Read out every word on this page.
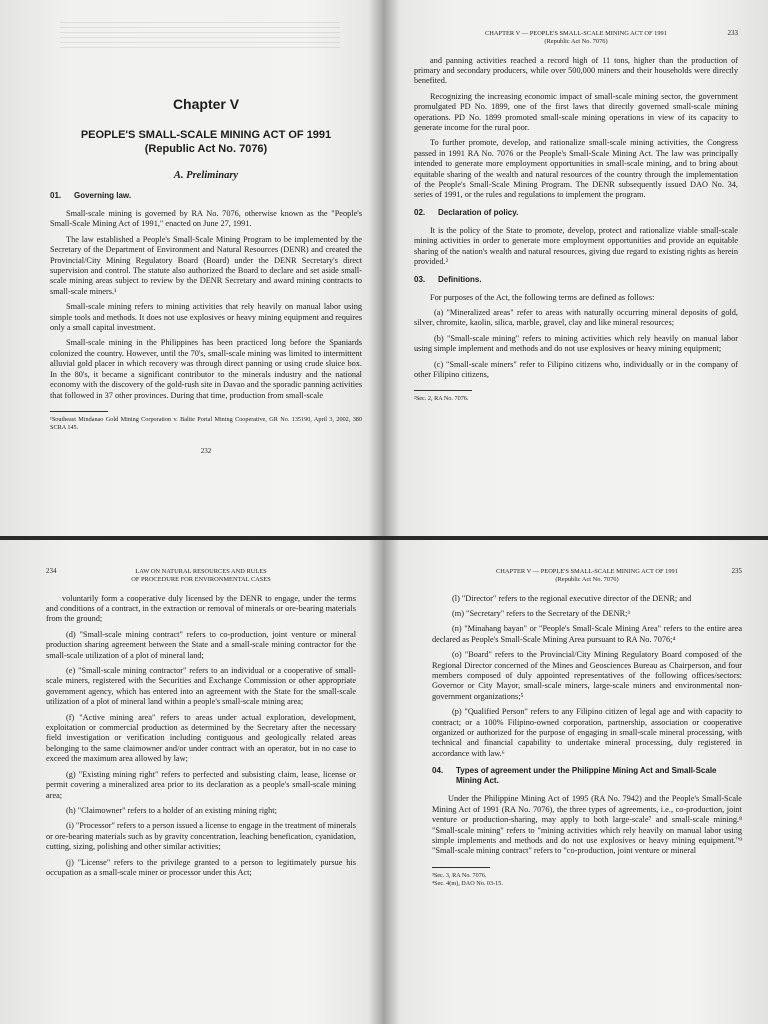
Chapter V
PEOPLE'S SMALL-SCALE MINING ACT OF 1991
(Republic Act No. 7076)
A. Preliminary
01.	Governing law.

Small-scale mining is governed by RA No. 7076, otherwise known as the "People's Small-Scale Mining Act of 1991," enacted on June 27, 1991.

The law established a People's Small-Scale Mining Program to be implemented by the Secretary of the Department of Environment and Natural Resources (DENR) and created the Provincial/City Mining Regulatory Board (Board) under the DENR Secretary's direct supervision and control. The statute also authorized the Board to declare and set aside small-scale mining areas subject to review by the DENR Secretary and award mining contracts to small-scale miners.¹

Small-scale mining refers to mining activities that rely heavily on manual labor using simple tools and methods. It does not use explosives or heavy mining equipment and requires only a small capital investment.

Small-scale mining in the Philippines has been practiced long before the Spaniards colonized the country. However, until the 70's, small-scale mining was limited to intermittent alluvial gold placer in which recovery was through direct panning or using crude sluice box. In the 80's, it became a significant contributor to the minerals industry and the national economy with the discovery of the gold-rush site in Davao and the sporadic panning activities that followed in 37 other provinces. During that time, production from small-scale

¹Southeast Mindanao Gold Mining Corporation v. Balite Portal Mining Cooperative, GR No. 135190, April 3, 2002, 380 SCRA 145.

232

CHAPTER V — PEOPLE'S SMALL-SCALE MINING ACT OF 1991
(Republic Act No. 7076)
233

and panning activities reached a record high of 11 tons, higher than the production of primary and secondary producers, while over 500,000 miners and their households were directly benefited.

Recognizing the increasing economic impact of small-scale mining sector, the government promulgated PD No. 1899, one of the first laws that directly governed small-scale mining operations. PD No. 1899 promoted small-scale mining operations in view of its capacity to generate income for the rural poor.

To further promote, develop, and rationalize small-scale mining activities, the Congress passed in 1991 RA No. 7076 or the People's Small-Scale Mining Act. The law was principally intended to generate more employment opportunities in small-scale mining, and to bring about equitable sharing of the wealth and natural resources of the country through the implementation of the People's Small-Scale Mining Program. The DENR subsequently issued DAO No. 34, series of 1991, or the rules and regulations to implement the program.

02.	Declaration of policy.

It is the policy of the State to promote, develop, protect and rationalize viable small-scale mining activities in order to generate more employment opportunities and provide an equitable sharing of the nation's wealth and natural resources, giving due regard to existing rights as herein provided.²

03.	Definitions.

For purposes of the Act, the following terms are defined as follows:

(a) "Mineralized areas" refer to areas with naturally occurring mineral deposits of gold, silver, chromite, kaolin, silica, marble, gravel, clay and like mineral resources;

(b) "Small-scale mining" refers to mining activities which rely heavily on manual labor using simple implement and methods and do not use explosives or heavy mining equipment;

(c) "Small-scale miners" refer to Filipino citizens who, individually or in the company of other Filipino citizens,

²Sec. 2, RA No. 7076.

LAW ON NATURAL RESOURCES AND RULES
OF PROCEDURE FOR ENVIRONMENTAL CASES
234

voluntarily form a cooperative duly licensed by the DENR to engage, under the terms and conditions of a contract, in the extraction or removal of minerals or ore-bearing materials from the ground;

(d) "Small-scale mining contract" refers to co-production, joint venture or mineral production sharing agreement between the State and a small-scale mining contractor for the small-scale utilization of a plot of mineral land;

(e) "Small-scale mining contractor" refers to an individual or a cooperative of small-scale miners, registered with the Securities and Exchange Commission or other appropriate government agency, which has entered into an agreement with the State for the small-scale utilization of a plot of mineral land within a people's small-scale mining area;

(f) "Active mining area" refers to areas under actual exploration, development, exploitation or commercial production as determined by the Secretary after the necessary field investigation or verification including contiguous and geologically related areas belonging to the same claimowner and/or under contract with an operator, but in no case to exceed the maximum area allowed by law;

(g) "Existing mining right" refers to perfected and subsisting claim, lease, license or permit covering a mineralized area prior to its declaration as a people's small-scale mining area;

(h) "Claimowner" refers to a holder of an existing mining right;

(i) "Processor" refers to a person issued a license to engage in the treatment of minerals or ore-bearing materials such as by gravity concentration, leaching benefication, cyanidation, cutting, sizing, polishing and other similar activities;

(j) "License" refers to the privilege granted to a person to legitimately pursue his occupation as a small-scale miner or processor under this Act;

CHAPTER V — PEOPLE'S SMALL-SCALE MINING ACT OF 1991
(Republic Act No. 7076)
235

(l) "Director" refers to the regional executive director of the DENR; and

(m) "Secretary" refers to the Secretary of the DENR;³

(n) "Minahang bayan" or "People's Small-Scale Mining Area" refers to the entire area declared as People's Small-Scale Mining Area pursuant to RA No. 7076;⁴

(o) "Board" refers to the Provincial/City Mining Regulatory Board composed of the Regional Director concerned of the Mines and Geosciences Bureau as Chairperson, and four members composed of duly appointed representatives of the following offices/sectors: Governor or City Mayor, small-scale miners, large-scale miners and environmental non-government organizations;⁵

(p) "Qualified Person" refers to any Filipino citizen of legal age and with capacity to contract; or a 100% Filipino-owned corporation, partnership, association or cooperative organized or authorized for the purpose of engaging in small-scale mineral processing, with technical and financial capability to undertake mineral processing, duly registered in accordance with law.⁶

04.	Types of agreement under the Philippine Mining Act and Small-Scale Mining Act.

Under the Philippine Mining Act of 1995 (RA No. 7942) and the People's Small-Scale Mining Act of 1991 (RA No. 7076), the three types of agreements, i.e., co-production, joint venture or production-sharing, may apply to both large-scale⁷ and small-scale mining.⁸ "Small-scale mining" refers to "mining activities which rely heavily on manual labor using simple implements and methods and do not use explosives or heavy mining equipment."⁹ "Small-scale mining contract" refers to "co-production, joint venture or mineral

³Sec. 3, RA No. 7076.

⁴Sec. 4(m), DAO No. 03-15.
